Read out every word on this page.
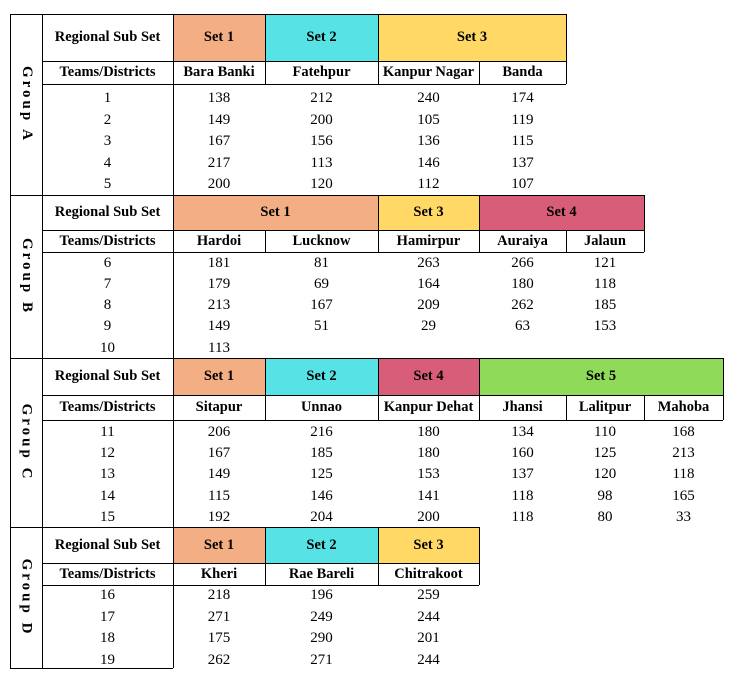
Group A
Regional Sub Set	Set 1	Set 2	Set 3
Teams/Districts	Bara Banki	Fatehpur	Kanpur Nagar	Banda
1	138	212	240	174
2	149	200	105	119
3	167	156	136	115
4	217	113	146	137
5	200	120	112	107
Group B
Regional Sub Set	Set 1	Set 3	Set 4
Teams/Districts	Hardoi	Lucknow	Hamirpur	Auraiya	Jalaun
6	181	81	263	266	121
7	179	69	164	180	118
8	213	167	209	262	185
9	149	51	29	63	153
10	113
Group C
Regional Sub Set	Set 1	Set 2	Set 4	Set 5
Teams/Districts	Sitapur	Unnao	Kanpur Dehat	Jhansi	Lalitpur	Mahoba
11	206	216	180	134	110	168
12	167	185	180	160	125	213
13	149	125	153	137	120	118
14	115	146	141	118	98	165
15	192	204	200	118	80	33
Group D
Regional Sub Set	Set 1	Set 2	Set 3
Teams/Districts	Kheri	Rae Bareli	Chitrakoot
16	218	196	259
17	271	249	244
18	175	290	201
19	262	271	244
